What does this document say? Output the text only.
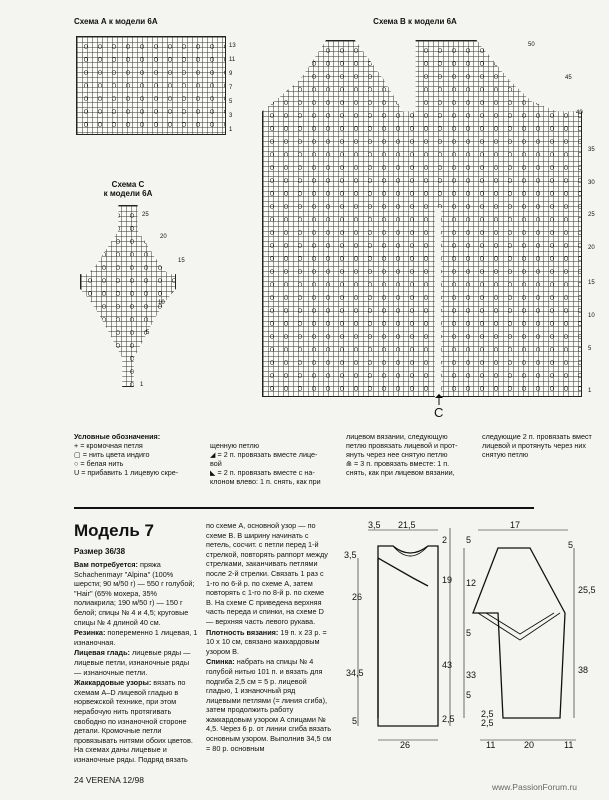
Схема А к модели 6А
13
11
9
7
5
3
1
Схема С
к модели 6А
25
20
15
10
5
1
Схема В к модели 6А
50
45
40
35
30
25
20
15
10
5
1
C
Условные обозначения:
+ = кромочная петля
▢ = нить цвета индиго
○ = белая нить
U = прибавить 1 лицевую скре-
щенную петлю
◢ = 2 п. провязать вместе лице-
вой
◣ = 2 п. провязать вместе с на-
клоном влево: 1 п. снять, как при
лицевом вязании, следующую
петлю провязать лицевой и прот-
януть через нее снятую петлю
⋒ = 3 п. провязать вместе: 1 п.
снять, как при лицевом вязании,
следующие 2 п. провязать вмест
лицевой и протянуть через них
снятую петлю
Модель 7
Размер 36/38

Вам потребуется: пряжа Schachenmayr "Alpina" (100% шерсти; 90 м/50 г) — 550 г голубой; "Hair" (65% мохера, 35% полиакрила; 190 м/50 г) — 150 г белой; спицы № 4 и 4,5; круговые спицы № 4 длиной 40 см.

Резинка: попеременно 1 лицевая, 1 изнаночная.

Лицевая гладь: лицевые ряды — лицевые петли, изнаночные ряды — изнаночные петли.

Жаккардовые узоры: вязать по схемам A–D лицевой гладью в норвежской технике, при этом нерабочую нить протягивать свободно по изнаночной стороне детали. Кромочные петли провязывать нитями обоих цветов. На схемах даны лицевые и изнаночные ряды. Подряд вязать

по схеме А, основной узор — по схеме В. В ширину начинать с петель, сосчит. с петли перед 1-й стрелкой, повторять раппорт между стрелками, заканчивать петлями после 2-й стрелки. Связать 1 раз с 1-го по 6-й р. по схеме А, затем повторять с 1-го по 8-й р. по схеме В. На схеме С приведена верхняя часть переда и спинки, на схеме D — верхняя часть левого рукава.

Плотность вязания: 19 п. х 23 р. = 10 х 10 см, связано жаккардовым узором В.

Спинка: набрать на спицы № 4 голубой нитью 101 п. и вязать для подгиба 2,5 см = 5 р. лицевой гладью, 1 изнаночный ряд лицевыми петлями (= линия сгиба), затем продолжить работу жаккардовым узором А спицами № 4,5. Через 6 р. от линии сгиба вязать основным узором. Выполнив 34,5 см = 80 р. основным

3,5 21,5
2
19
26
43
34,5
5	2,5
3,5
26
17
5
12
5
33
2,5
2,5
25,5
38
5
5
11	20	11
24 VERENA 12/98
www.PassionForum.ru
